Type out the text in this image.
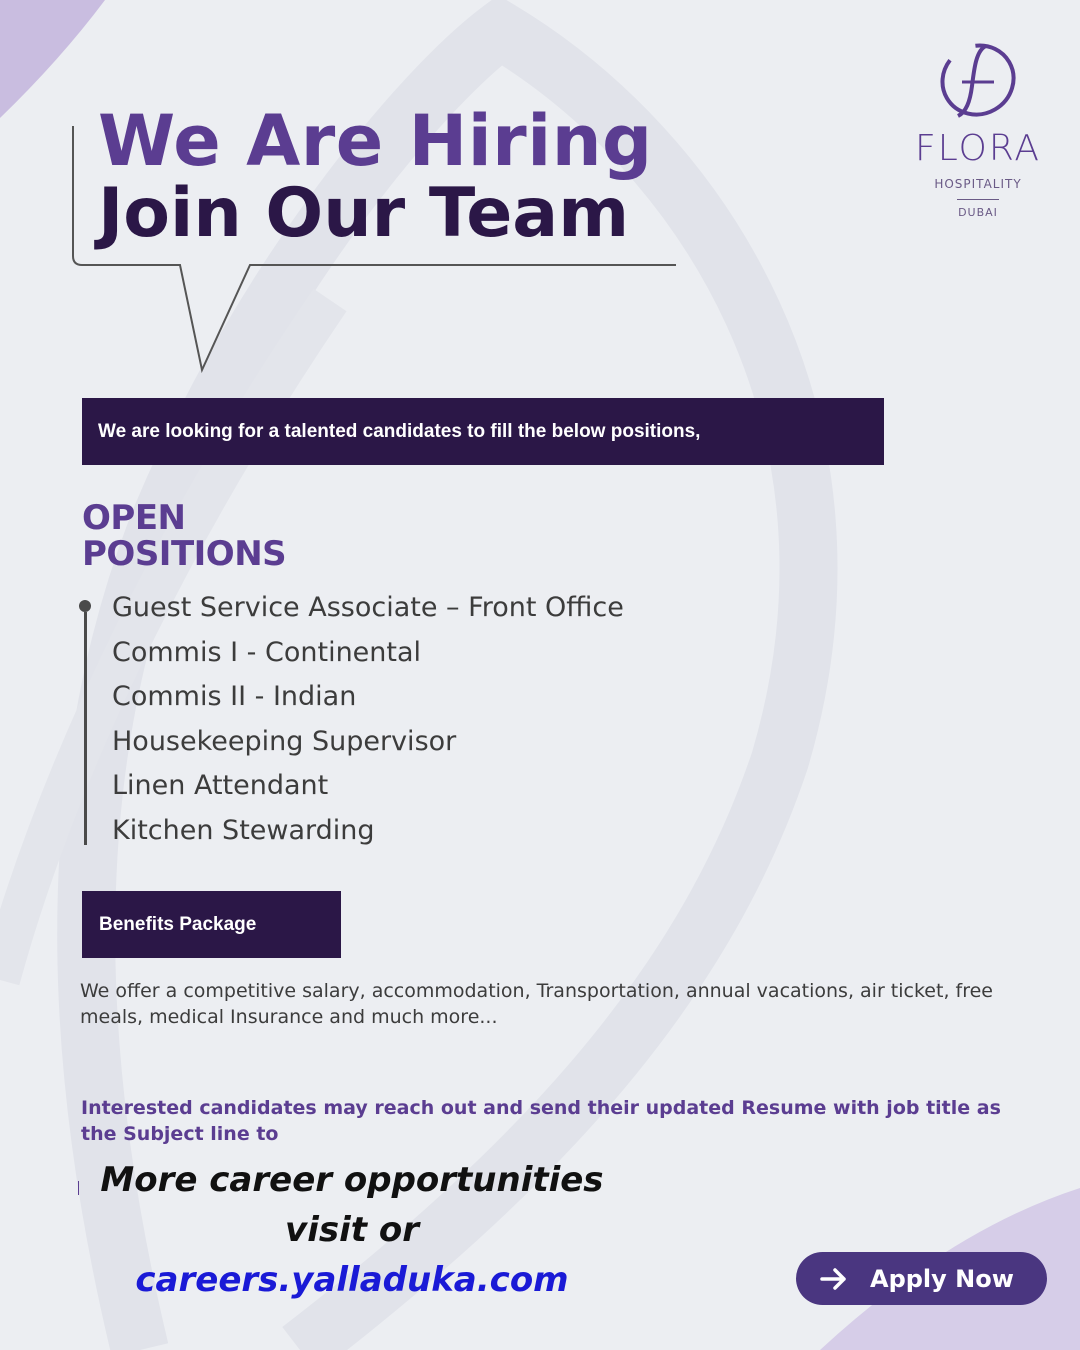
We Are Hiring
Join Our Team
FLORA
HOSPITALITY
DUBAI
We are looking for a talented candidates to fill the below positions,
OPEN
POSITIONS
Guest Service Associate – Front Office
Commis I - Continental
Commis II - Indian
Housekeeping Supervisor
Linen Attendant
Kitchen Stewarding
Benefits Package
We offer a competitive salary, accommodation, Transportation, annual vacations, air ticket, free meals, medical Insurance and much more...
Interested candidates may reach out and send their updated Resume with job title as the Subject line to
More career opportunities
visit or
careers.yalladuka.com	Apply Now
